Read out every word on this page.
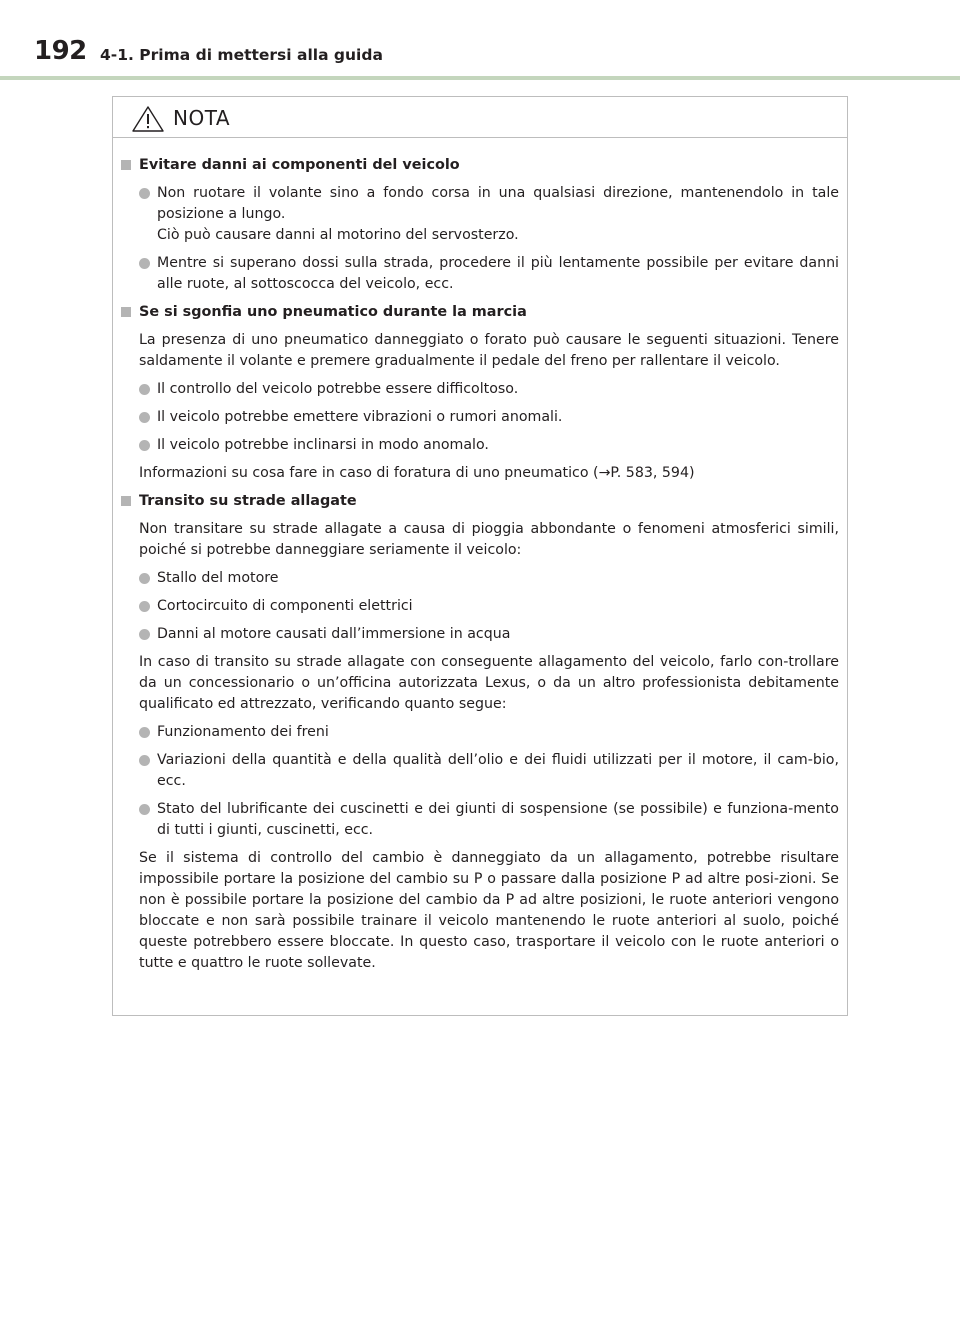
192 4-1. Prima di mettersi alla guida
NOTA
Evitare danni ai componenti del veicolo
Non ruotare il volante sino a fondo corsa in una qualsiasi direzione, mantenendolo in tale posizione a lungo.
Ciò può causare danni al motorino del servosterzo.
Mentre si superano dossi sulla strada, procedere il più lentamente possibile per evitare danni alle ruote, al sottoscocca del veicolo, ecc.
Se si sgonfia uno pneumatico durante la marcia
La presenza di uno pneumatico danneggiato o forato può causare le seguenti situazioni. Tenere saldamente il volante e premere gradualmente il pedale del freno per rallentare il veicolo.
Il controllo del veicolo potrebbe essere difficoltoso.
Il veicolo potrebbe emettere vibrazioni o rumori anomali.
Il veicolo potrebbe inclinarsi in modo anomalo.
Informazioni su cosa fare in caso di foratura di uno pneumatico (→P. 583, 594)
Transito su strade allagate
Non transitare su strade allagate a causa di pioggia abbondante o fenomeni atmosferici simili, poiché si potrebbe danneggiare seriamente il veicolo:
Stallo del motore
Cortocircuito di componenti elettrici
Danni al motore causati dall’immersione in acqua
In caso di transito su strade allagate con conseguente allagamento del veicolo, farlo con-trollare da un concessionario o un’officina autorizzata Lexus, o da un altro professionista debitamente qualificato ed attrezzato, verificando quanto segue:
Funzionamento dei freni
Variazioni della quantità e della qualità dell’olio e dei fluidi utilizzati per il motore, il cam-bio, ecc.
Stato del lubrificante dei cuscinetti e dei giunti di sospensione (se possibile) e funziona-mento di tutti i giunti, cuscinetti, ecc.
Se il sistema di controllo del cambio è danneggiato da un allagamento, potrebbe risultare impossibile portare la posizione del cambio su P o passare dalla posizione P ad altre posi-zioni. Se non è possibile portare la posizione del cambio da P ad altre posizioni, le ruote anteriori vengono bloccate e non sarà possibile trainare il veicolo mantenendo le ruote anteriori al suolo, poiché queste potrebbero essere bloccate. In questo caso, trasportare il veicolo con le ruote anteriori o tutte e quattro le ruote sollevate.
